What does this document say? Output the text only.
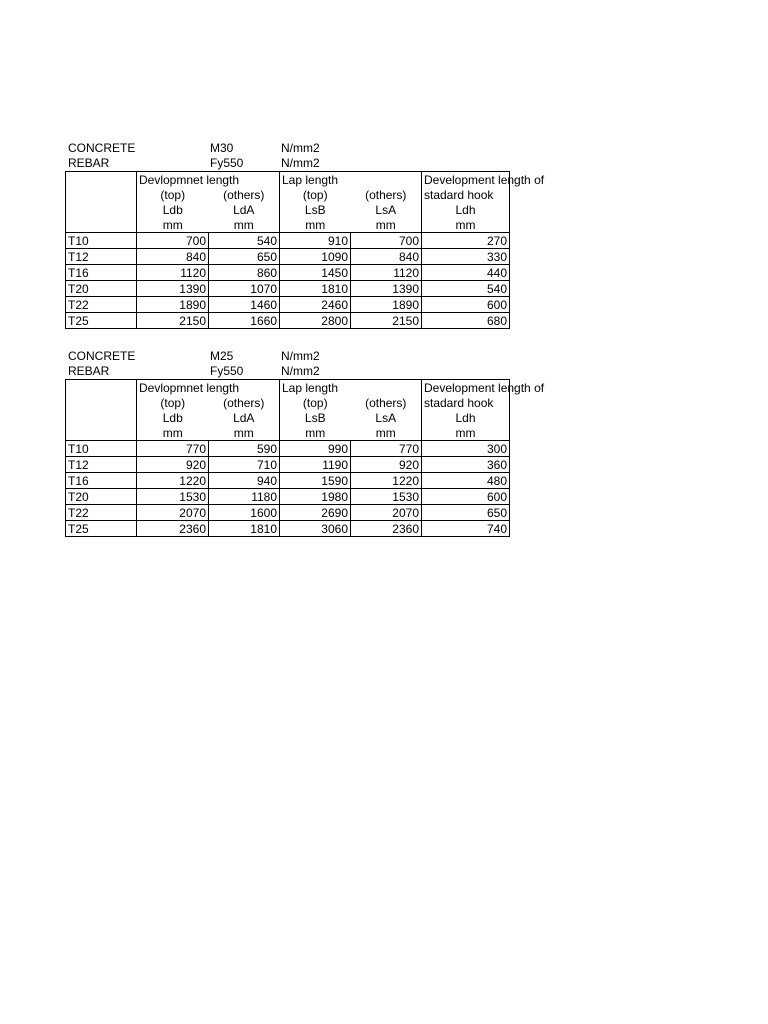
CONCRETE	M30	N/mm2
REBAR	Fy550	N/mm2
	Devlopmnet length		Lap length		Development length of
	(top)	(others)	(top)	(others)	stadard hook
	Ldb	LdA	LsB	LsA	Ldh
	mm	mm	mm	mm	mm
T10	700	540	910	700	270
T12	840	650	1090	840	330
T16	1120	860	1450	1120	440
T20	1390	1070	1810	1390	540
T22	1890	1460	2460	1890	600
T25	2150	1660	2800	2150	680
CONCRETE	M25	N/mm2
REBAR	Fy550	N/mm2
	Devlopmnet length		Lap length		Development length of
	(top)	(others)	(top)	(others)	stadard hook
	Ldb	LdA	LsB	LsA	Ldh
	mm	mm	mm	mm	mm
T10	770	590	990	770	300
T12	920	710	1190	920	360
T16	1220	940	1590	1220	480
T20	1530	1180	1980	1530	600
T22	2070	1600	2690	2070	650
T25	2360	1810	3060	2360	740
